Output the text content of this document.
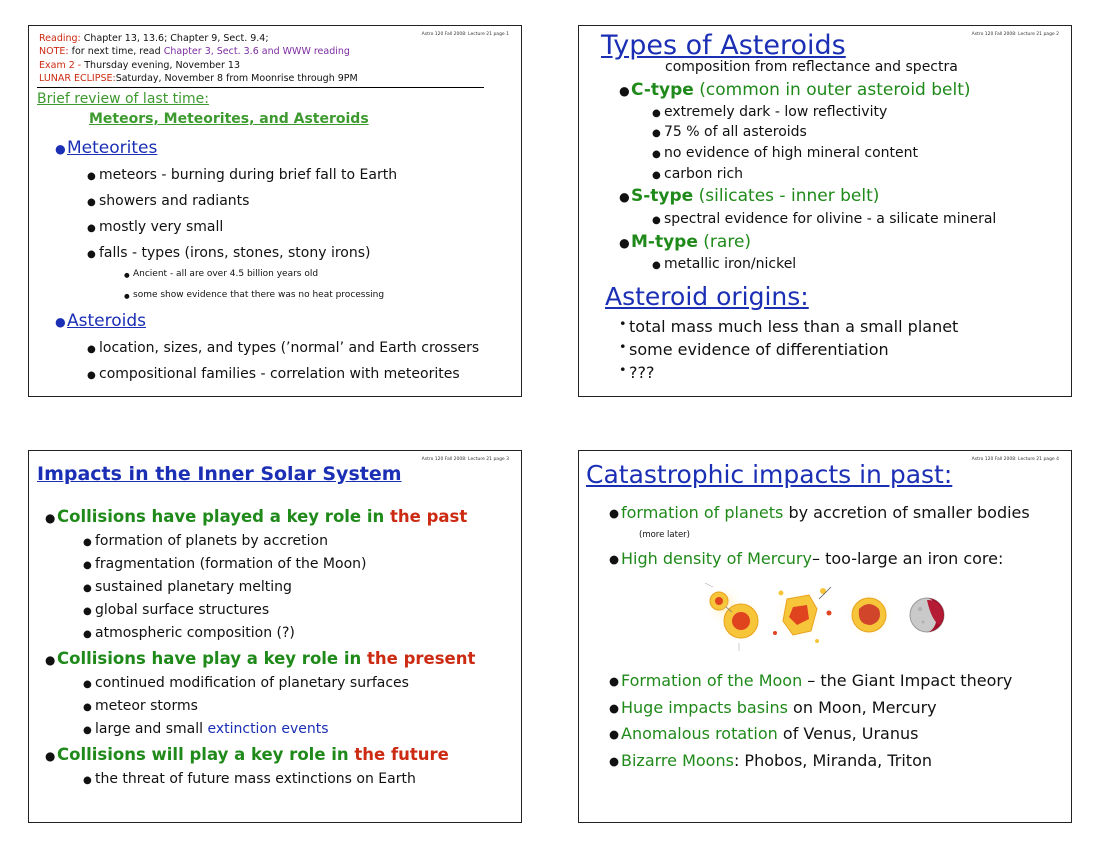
Astro 120 Fall 2008: Lecture 21 page 1
Reading: Chapter 13, 13.6; Chapter 9, Sect. 9.4;
NOTE: for next time, read Chapter 3, Sect. 3.6 and WWW reading
Exam 2 - Thursday evening, November 13
LUNAR ECLIPSE:Saturday, November 8 from Moonrise through 9PM
Brief review of last time:
Meteors, Meteorites, and Asteroids
● Meteorites
● meteors - burning during brief fall to Earth
● showers and radiants
● mostly very small
● falls - types (irons, stones, stony irons)
● Ancient - all are over 4.5 billion years old
● some show evidence that there was no heat processing
● Asteroids
● location, sizes, and types (’normal’ and Earth crossers
● compositional families - correlation with meteorites
Astro 120 Fall 2008: Lecture 21 page 2
Types of Asteroids
composition from reflectance and spectra
● C-type (common in outer asteroid belt)
● extremely dark - low reflectivity
● 75 % of all asteroids
● no evidence of high mineral content
● carbon rich
● S-type (silicates - inner belt)
● spectral evidence for olivine - a silicate mineral
● M-type (rare)
● metallic iron/nickel
Asteroid origins:
• total mass much less than a small planet
• some evidence of differentiation
• ???
Astro 120 Fall 2008: Lecture 21 page 3
Impacts in the Inner Solar System
● Collisions have played a key role in the past
● formation of planets by accretion
● fragmentation (formation of the Moon)
● sustained planetary melting
● global surface structures
● atmospheric composition (?)
● Collisions have play a key role in the present
● continued modification of planetary surfaces
● meteor storms
● large and small extinction events
● Collisions will play a key role in the future
● the threat of future mass extinctions on Earth
Astro 120 Fall 2008: Lecture 21 page 4
Catastrophic impacts in past:
● formation of planets by accretion of smaller bodies
(more later)
● High density of Mercury– too-large an iron core:
● Formation of the Moon – the Giant Impact theory
● Huge impacts basins on Moon, Mercury
● Anomalous rotation of Venus, Uranus
● Bizarre Moons: Phobos, Miranda, Triton
